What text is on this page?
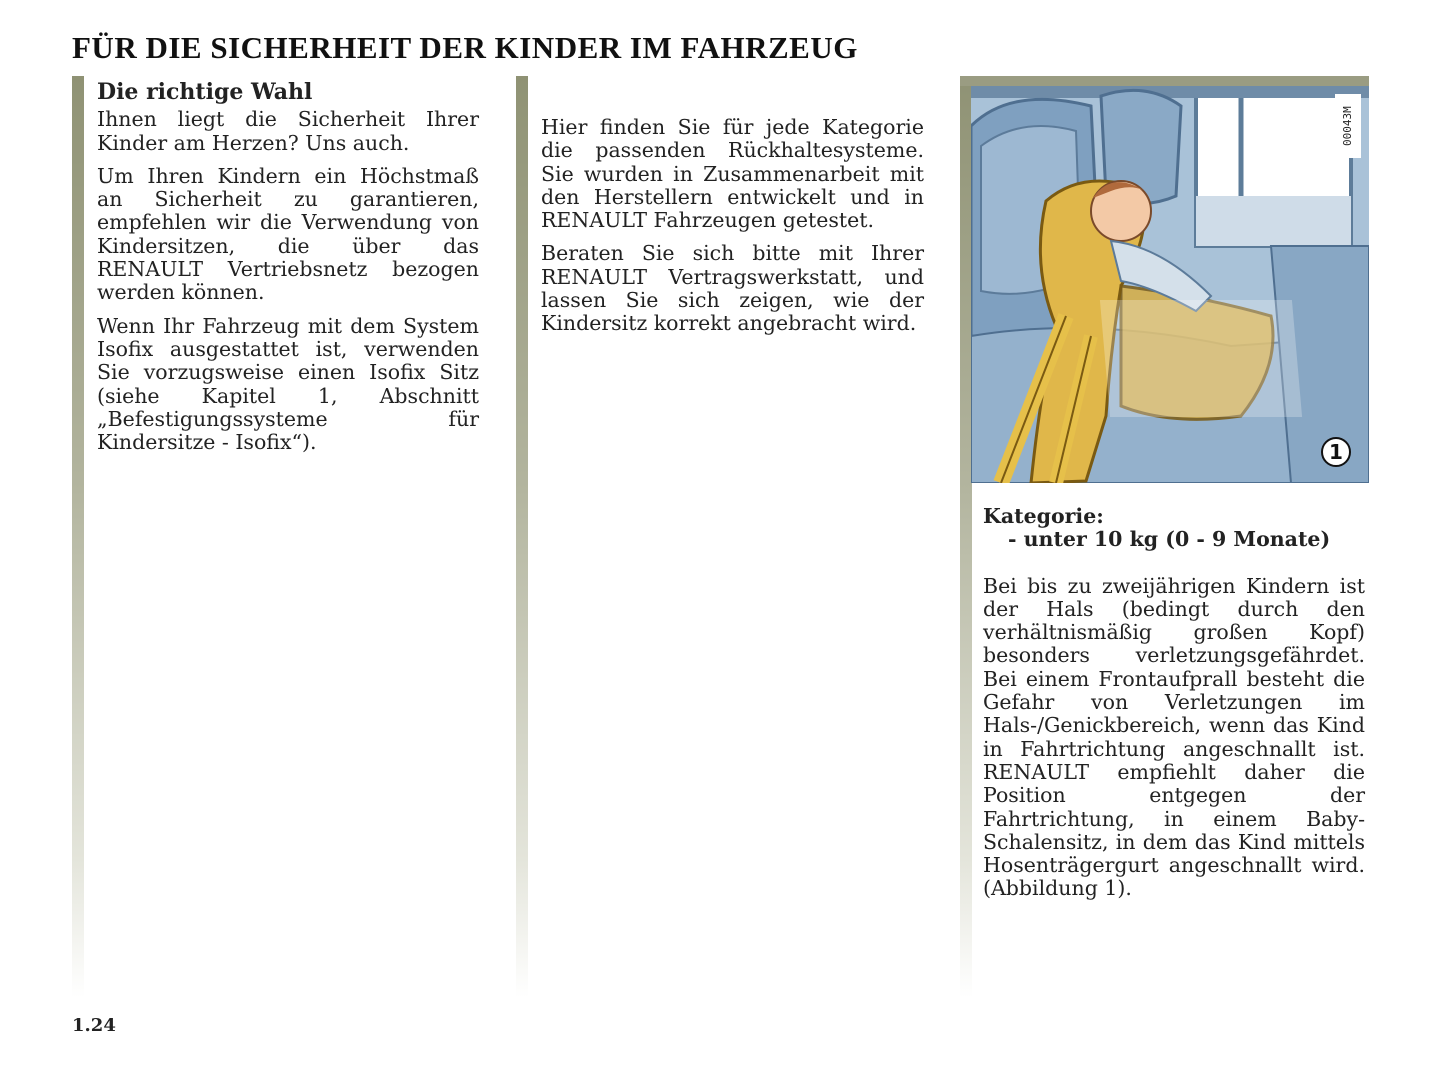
FÜR DIE SICHERHEIT DER KINDER IM FAHRZEUG

Die richtige Wahl

Ihnen liegt die Sicherheit Ihrer Kinder am Herzen? Uns auch.

Um Ihren Kindern ein Höchstmaß an Sicherheit zu garantieren, empfehlen wir die Verwendung von Kindersitzen, die über das RENAULT Vertriebsnetz bezogen werden können.

Wenn Ihr Fahrzeug mit dem System Isofix ausgestattet ist, verwenden Sie vorzugsweise einen Isofix Sitz (siehe Kapitel 1, Abschnitt „Befestigungssysteme für Kindersitze - Isofix“).

Hier finden Sie für jede Kategorie die passenden Rückhaltesysteme. Sie wurden in Zusammenarbeit mit den Herstellern entwickelt und in RENAULT Fahrzeugen getestet.

Beraten Sie sich bitte mit Ihrer RENAULT Vertragswerkstatt, und lassen Sie sich zeigen, wie der Kindersitz korrekt angebracht wird.

00043M
1
Kategorie:
- unter 10 kg (0 - 9 Monate)

Bei bis zu zweijährigen Kindern ist der Hals (bedingt durch den verhältnismäßig großen Kopf) besonders verletzungsgefährdet. Bei einem Frontaufprall besteht die Gefahr von Verletzungen im Hals-/Genickbereich, wenn das Kind in Fahrtrichtung angeschnallt ist. RENAULT empfiehlt daher die Position entgegen der Fahrtrichtung, in einem Baby-Schalensitz, in dem das Kind mittels Hosenträgergurt angeschnallt wird. (Abbildung 1).

1.24
